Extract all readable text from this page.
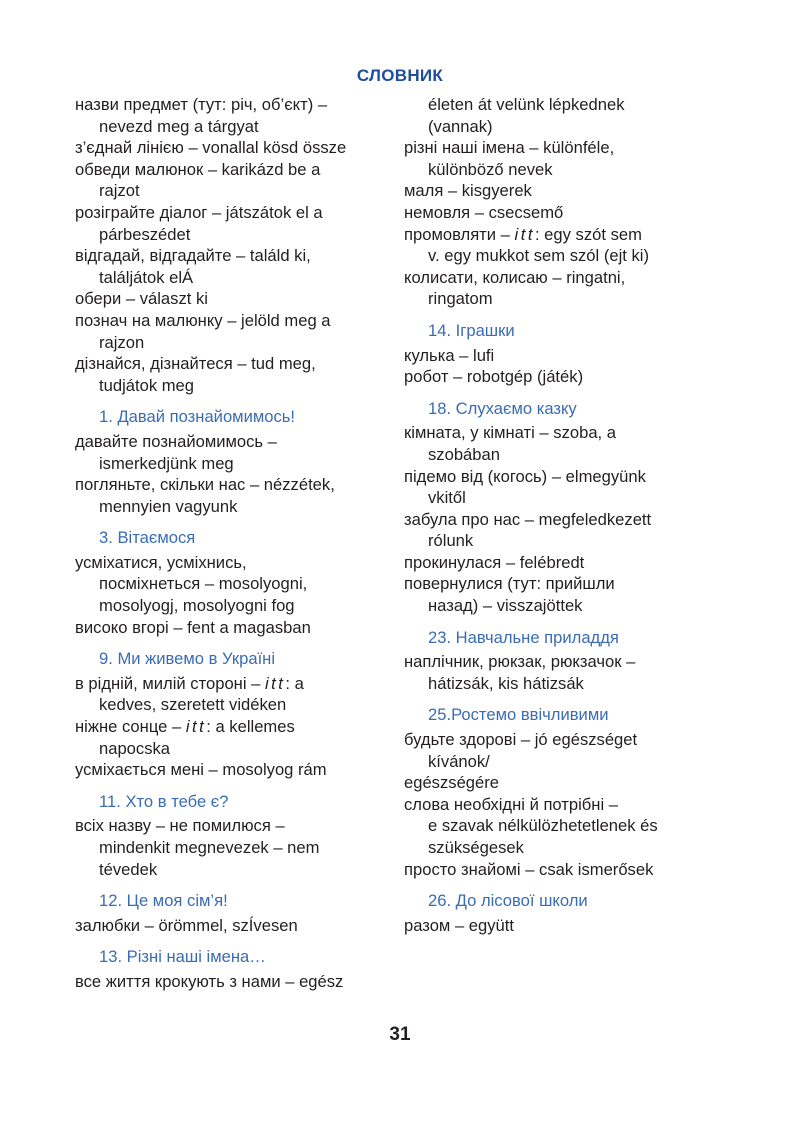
СЛОВНИК
назви предмет (тут: річ, об’єкт) –
nevezd meg a tárgyat
з’єднай лінією – vonallal kösd össze
обведи малюнок – karikázd be a
rajzot
розіграйте діалог – játszátok el a
párbeszédet
відгадай, відгадайте – találd ki,
találjátok elÁ
обери – választ ki
познач на малюнку – jelöld meg a
rajzon
дізнайся, дізнайтеся – tud meg,
tudjátok meg
1. Давай познайомимось!
давайте познайомимось –
ismerkedjünk meg
погляньте, скільки нас – nézzétek,
mennyien vagyunk
3. Вітаємося
усміхатися, усміхнись,
посміхнеться – mosolyogni,
mosolyogj, mosolyogni fog
високо вгорі – fent a magasban
9. Ми живемо в Україні
в рідній, милій стороні – itt: a
kedves, szeretett vidéken
ніжне сонце – itt: a kellemes
napocska
усміхається мені – mosolyog rám
11. Хто в тебе є?
всіх назву – не помилюся –
mindenkit megnevezek – nem
tévedek
12. Це моя сім’я!
залюбки – örömmel, szÍvesen
13. Різні наші імена…
все життя крокують з нами – egész
életen át velünk lépkednek
(vannak)
різні наші імена – különféle,
különböző nevek
маля – kisgyerek
немовля – csecsemő
промовляти – itt: egy szót sem
v. egy mukkot sem szól (ejt ki)
колисати, колисаю – ringatni,
ringatom
14. Іграшки
кулька – lufi
робот – robotgép (játék)
18. Слухаємо казку
кімната, у кімнаті – szoba, a
szobában
підемо від (когось) – elmegyünk
vkitől
забула про нас – megfeledkezett
rólunk
прокинулася – felébredt
повернулися (тут: прийшли
назад) – visszajöttek
23. Навчальне приладдя
наплічник, рюкзак, рюкзачок –
hátizsák, kis hátizsák
25.Ростемо ввічливими
будьте здорові – jó egészséget
kívánok/
egészségére
слова необхідні й потрібні –
e szavak nélkülözhetetlenek és
szükségesek
просто знайомі – csak ismerősek
26. До лісової школи
разом – együtt
31
